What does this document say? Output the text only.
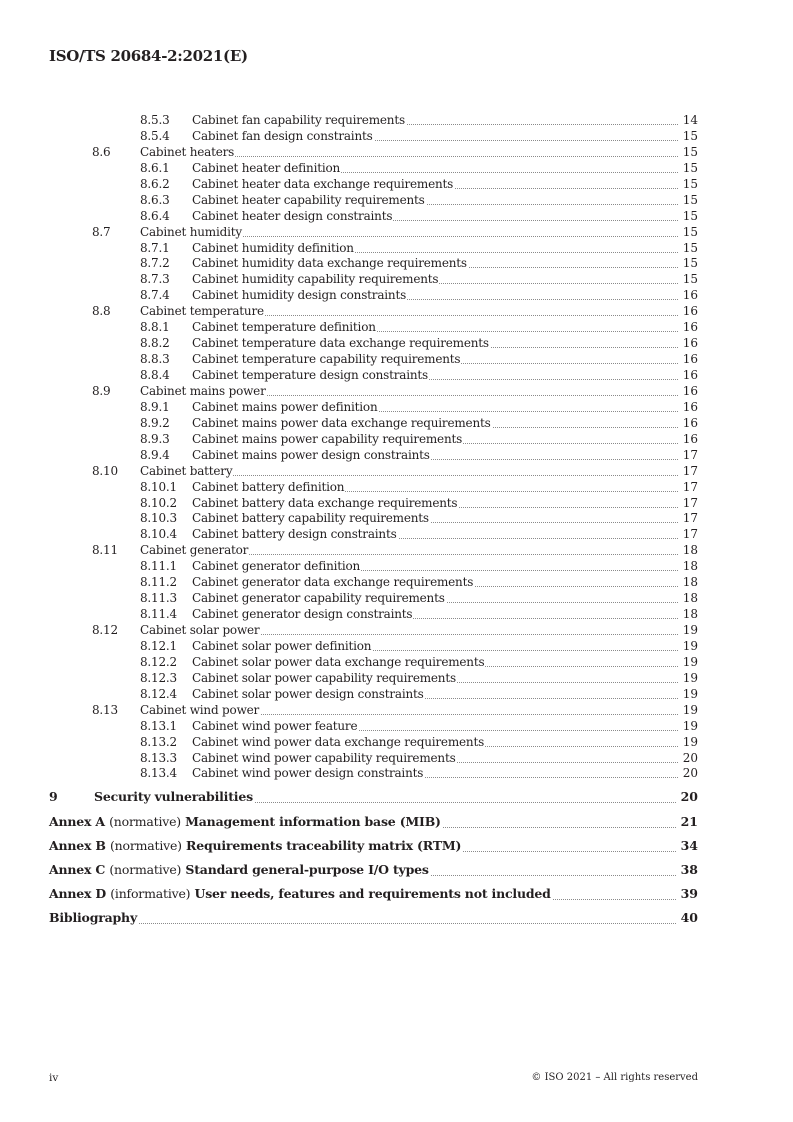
ISO/TS 20684-2:2021(E)
8.5.3 Cabinet fan capability requirements	14
8.5.4 Cabinet fan design constraints	15
8.6 Cabinet heaters	15
8.6.1 Cabinet heater definition	15
8.6.2 Cabinet heater data exchange requirements	15
8.6.3 Cabinet heater capability requirements	15
8.6.4 Cabinet heater design constraints	15
8.7 Cabinet humidity	15
8.7.1 Cabinet humidity definition	15
8.7.2 Cabinet humidity data exchange requirements	15
8.7.3 Cabinet humidity capability requirements	15
8.7.4 Cabinet humidity design constraints	16
8.8 Cabinet temperature	16
8.8.1 Cabinet temperature definition	16
8.8.2 Cabinet temperature data exchange requirements	16
8.8.3 Cabinet temperature capability requirements	16
8.8.4 Cabinet temperature design constraints	16
8.9 Cabinet mains power	16
8.9.1 Cabinet mains power definition	16
8.9.2 Cabinet mains power data exchange requirements	16
8.9.3 Cabinet mains power capability requirements	16
8.9.4 Cabinet mains power design constraints	17
8.10 Cabinet battery	17
8.10.1 Cabinet battery definition	17
8.10.2 Cabinet battery data exchange requirements	17
8.10.3 Cabinet battery capability requirements	17
8.10.4 Cabinet battery design constraints	17
8.11 Cabinet generator	18
8.11.1 Cabinet generator definition	18
8.11.2 Cabinet generator data exchange requirements	18
8.11.3 Cabinet generator capability requirements	18
8.11.4 Cabinet generator design constraints	18
8.12 Cabinet solar power	19
8.12.1 Cabinet solar power definition	19
8.12.2 Cabinet solar power data exchange requirements	19
8.12.3 Cabinet solar power capability requirements	19
8.12.4 Cabinet solar power design constraints	19
8.13 Cabinet wind power	19
8.13.1 Cabinet wind power feature	19
8.13.2 Cabinet wind power data exchange requirements	19
8.13.3 Cabinet wind power capability requirements	20
8.13.4 Cabinet wind power design constraints	20
9	Security vulnerabilities	20
Annex A (normative) Management information base (MIB)	21
Annex B (normative) Requirements traceability matrix (RTM)	34
Annex C (normative) Standard general-purpose I/O types	38
Annex D (informative) User needs, features and requirements not included	39
Bibliography	40
iv	© ISO 2021 – All rights reserved
